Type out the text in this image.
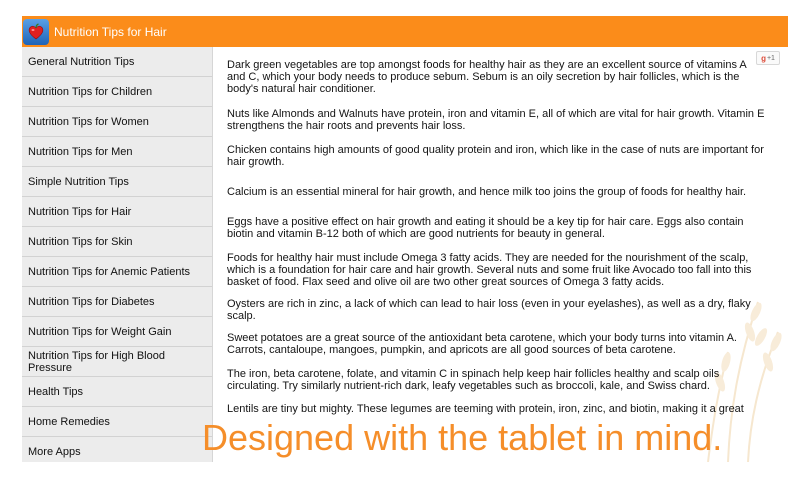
Nutrition Tips for Hair
General Nutrition Tips
Nutrition Tips for Children
Nutrition Tips for Women
Nutrition Tips for Men
Simple Nutrition Tips
Nutrition Tips for Hair
Nutrition Tips for Skin
Nutrition Tips for Anemic Patients
Nutrition Tips for Diabetes
Nutrition Tips for Weight Gain
Nutrition Tips for High Blood Pressure
Health Tips
Home Remedies
More Apps
g +1

Dark green vegetables are top amongst foods for healthy hair as they are an excellent source of vitamins A and C, which your body needs to produce sebum. Sebum is an oily secretion by hair follicles, which is the body's natural hair conditioner.

Nuts like Almonds and Walnuts have protein, iron and vitamin E, all of which are vital for hair growth. Vitamin E strengthens the hair roots and prevents hair loss.

Chicken contains high amounts of good quality protein and iron, which like in the case of nuts are important for hair growth.

Calcium is an essential mineral for hair growth, and hence milk too joins the group of foods for healthy hair.

Eggs have a positive effect on hair growth and eating it should be a key tip for hair care. Eggs also contain biotin and vitamin B-12 both of which are good nutrients for beauty in general.

Foods for healthy hair must include Omega 3 fatty acids. They are needed for the nourishment of the scalp, which is a foundation for hair care and hair growth. Several nuts and some fruit like Avocado too fall into this basket of food. Flax seed and olive oil are two other great sources of Omega 3 fatty acids.

Oysters are rich in zinc, a lack of which can lead to hair loss (even in your eyelashes), as well as a dry, flaky scalp.

Sweet potatoes are a great source of the antioxidant beta carotene, which your body turns into vitamin A. Carrots, cantaloupe, mangoes, pumpkin, and apricots are all good sources of beta carotene.

The iron, beta carotene, folate, and vitamin C in spinach help keep hair follicles healthy and scalp oils circulating. Try similarly nutrient-rich dark, leafy vegetables such as broccoli, kale, and Swiss chard.

Lentils are tiny but mighty. These legumes are teeming with protein, iron, zinc, and biotin, making it a great

Designed with the tablet in mind.
